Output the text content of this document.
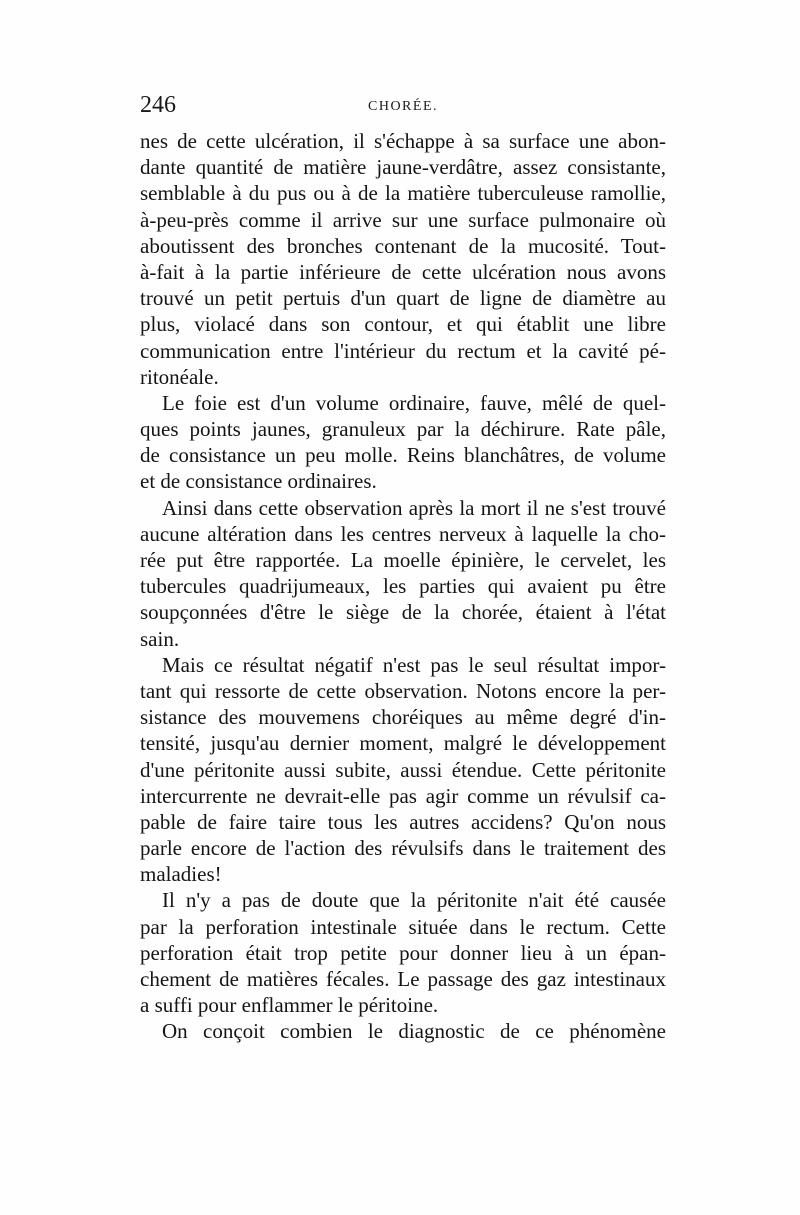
246	CHORÉE.
nes de cette ulcération, il s'échappe à sa surface une abon-
dante quantité de matière jaune-verdâtre, assez consistante,
semblable à du pus ou à de la matière tuberculeuse ramollie,
à-peu-près comme il arrive sur une surface pulmonaire où
aboutissent des bronches contenant de la mucosité. Tout-
à-fait à la partie inférieure de cette ulcération nous avons
trouvé un petit pertuis d'un quart de ligne de diamètre au
plus, violacé dans son contour, et qui établit une libre
communication entre l'intérieur du rectum et la cavité pé-
ritonéale.
Le foie est d'un volume ordinaire, fauve, mêlé de quel-
ques points jaunes, granuleux par la déchirure. Rate pâle,
de consistance un peu molle. Reins blanchâtres, de volume
et de consistance ordinaires.
Ainsi dans cette observation après la mort il ne s'est trouvé
aucune altération dans les centres nerveux à laquelle la cho-
rée put être rapportée. La moelle épinière, le cervelet, les
tubercules quadrijumeaux, les parties qui avaient pu être
soupçonnées d'être le siège de la chorée, étaient à l'état
sain.
Mais ce résultat négatif n'est pas le seul résultat impor-
tant qui ressorte de cette observation. Notons encore la per-
sistance des mouvemens choréiques au même degré d'in-
tensité, jusqu'au dernier moment, malgré le développement
d'une péritonite aussi subite, aussi étendue. Cette péritonite
intercurrente ne devrait-elle pas agir comme un révulsif ca-
pable de faire taire tous les autres accidens? Qu'on nous
parle encore de l'action des révulsifs dans le traitement des
maladies!
Il n'y a pas de doute que la péritonite n'ait été causée
par la perforation intestinale située dans le rectum. Cette
perforation était trop petite pour donner lieu à un épan-
chement de matières fécales. Le passage des gaz intestinaux
a suffi pour enflammer le péritoine.
On conçoit combien le diagnostic de ce phénomène
